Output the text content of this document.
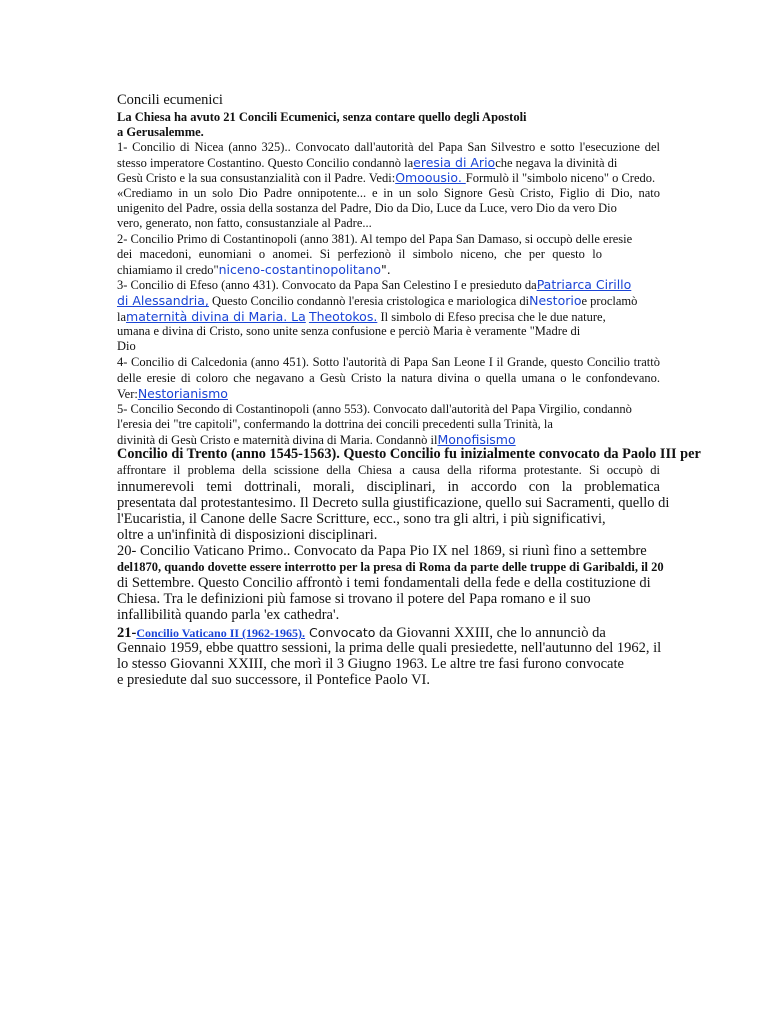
Concili ecumenici
La Chiesa ha avuto 21 Concili Ecumenici, senza contare quello degli Apostoli
a Gerusalemme.
1- Concilio di Nicea (anno 325).. Convocato dall'autorità del Papa San Silvestro e sotto l'esecuzione del
stesso imperatore Costantino. Questo Concilio condannò laeresia di Arioche negava la divinità di
Gesù Cristo e la sua consustanzialità con il Padre. Vedi:Omoousio. Formulò il "simbolo niceno" o Credo.
«Crediamo in un solo Dio Padre onnipotente... e in un solo Signore Gesù Cristo, Figlio di Dio, nato
unigenito del Padre, ossia della sostanza del Padre, Dio da Dio, Luce da Luce, vero Dio da vero Dio
vero, generato, non fatto, consustanziale al Padre...
2- Concilio Primo di Costantinopoli (anno 381). Al tempo del Papa San Damaso, si occupò delle eresie
dei macedoni, eunomiani o anomei. Si perfezionò il simbolo niceno, che per questo lo
chiamiamo il credo"niceno-costantinopolitano".
3- Concilio di Efeso (anno 431). Convocato da Papa San Celestino I e presieduto daPatriarca Cirillo
di Alessandria, Questo Concilio condannò l'eresia cristologica e mariologica diNestorioe proclamò
lamaternità divina di Maria. La Theotokos. Il simbolo di Efeso precisa che le due nature,
umana e divina di Cristo, sono unite senza confusione e perciò Maria è veramente "Madre di
Dio
4- Concilio di Calcedonia (anno 451). Sotto l'autorità di Papa San Leone I il Grande, questo Concilio trattò
delle eresie di coloro che negavano a Gesù Cristo la natura divina o quella umana o le confondevano.
Ver:Nestorianismo
5- Concilio Secondo di Costantinopoli (anno 553). Convocato dall'autorità del Papa Virgilio, condannò
l'eresia dei "tre capitoli", confermando la dottrina dei concili precedenti sulla Trinità, la
divinità di Gesù Cristo e maternità divina di Maria. Condannò ilMonofisismo
Concilio di Trento (anno 1545-1563). Questo Concilio fu inizialmente convocato da Paolo III per
affrontare il problema della scissione della Chiesa a causa della riforma protestante. Si occupò di
innumerevoli temi dottrinali, morali, disciplinari, in accordo con la problematica
presentata dal protestantesimo. Il Decreto sulla giustificazione, quello sui Sacramenti, quello di
l'Eucaristia, il Canone delle Sacre Scritture, ecc., sono tra gli altri, i più significativi,
oltre a un'infinità di disposizioni disciplinari.
20- Concilio Vaticano Primo.. Convocato da Papa Pio IX nel 1869, si riunì fino a settembre
del1870, quando dovette essere interrotto per la presa di Roma da parte delle truppe di Garibaldi, il 20
di Settembre. Questo Concilio affrontò i temi fondamentali della fede e della costituzione di
Chiesa. Tra le definizioni più famose si trovano il potere del Papa romano e il suo
infallibilità quando parla 'ex cathedra'.
21-Concilio Vaticano II (1962-1965). Convocato da Giovanni XXIII, che lo annunciò da
Gennaio 1959, ebbe quattro sessioni, la prima delle quali presiedette, nell'autunno del 1962, il
lo stesso Giovanni XXIII, che morì il 3 Giugno 1963. Le altre tre fasi furono convocate
e presiedute dal suo successore, il Pontefice Paolo VI.
